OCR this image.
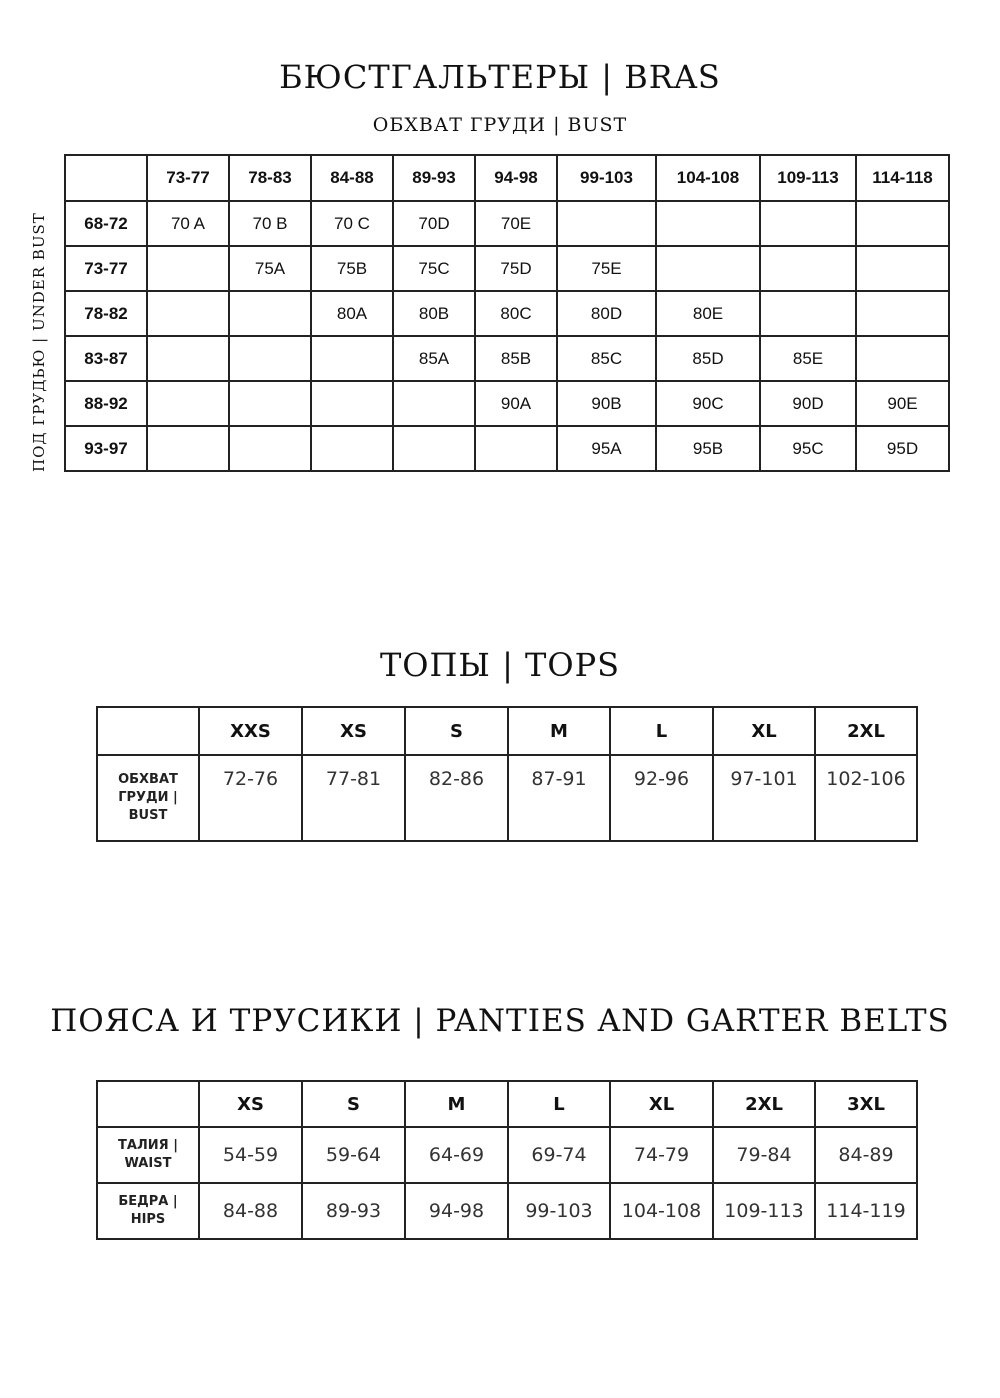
БЮСТГАЛЬТЕРЫ | BRAS
ОБХВАТ ГРУДИ | BUST
ПОД ГРУДЬЮ | UNDER BUST
	73-77	78-83	84-88	89-93	94-98	99-103	104-108	109-113	114-118
68-72	70 A	70 B	70 C	70D	70E				
73-77		75A	75B	75C	75D	75E			
78-82			80A	80B	80C	80D	80E		
83-87				85A	85B	85C	85D	85E	
88-92					90A	90B	90C	90D	90E
93-97						95A	95B	95C	95D
ТОПЫ | TOPS
	XXS	XS	S	M	L	XL	2XL

ОБХВАТ
ГРУДИ |
BUST	72-76	77-81	82-86	87-91	92-96	97-101	102-106
ПОЯСА И ТРУСИКИ | PANTIES AND GARTER BELTS
	XS	S	M	L	XL	2XL	3XL

ТАЛИЯ |
WAIST	54-59	59-64	64-69	69-74	74-79	79-84	84-89

БЕДРА |
HIPS	84-88	89-93	94-98	99-103	104-108	109-113	114-119
